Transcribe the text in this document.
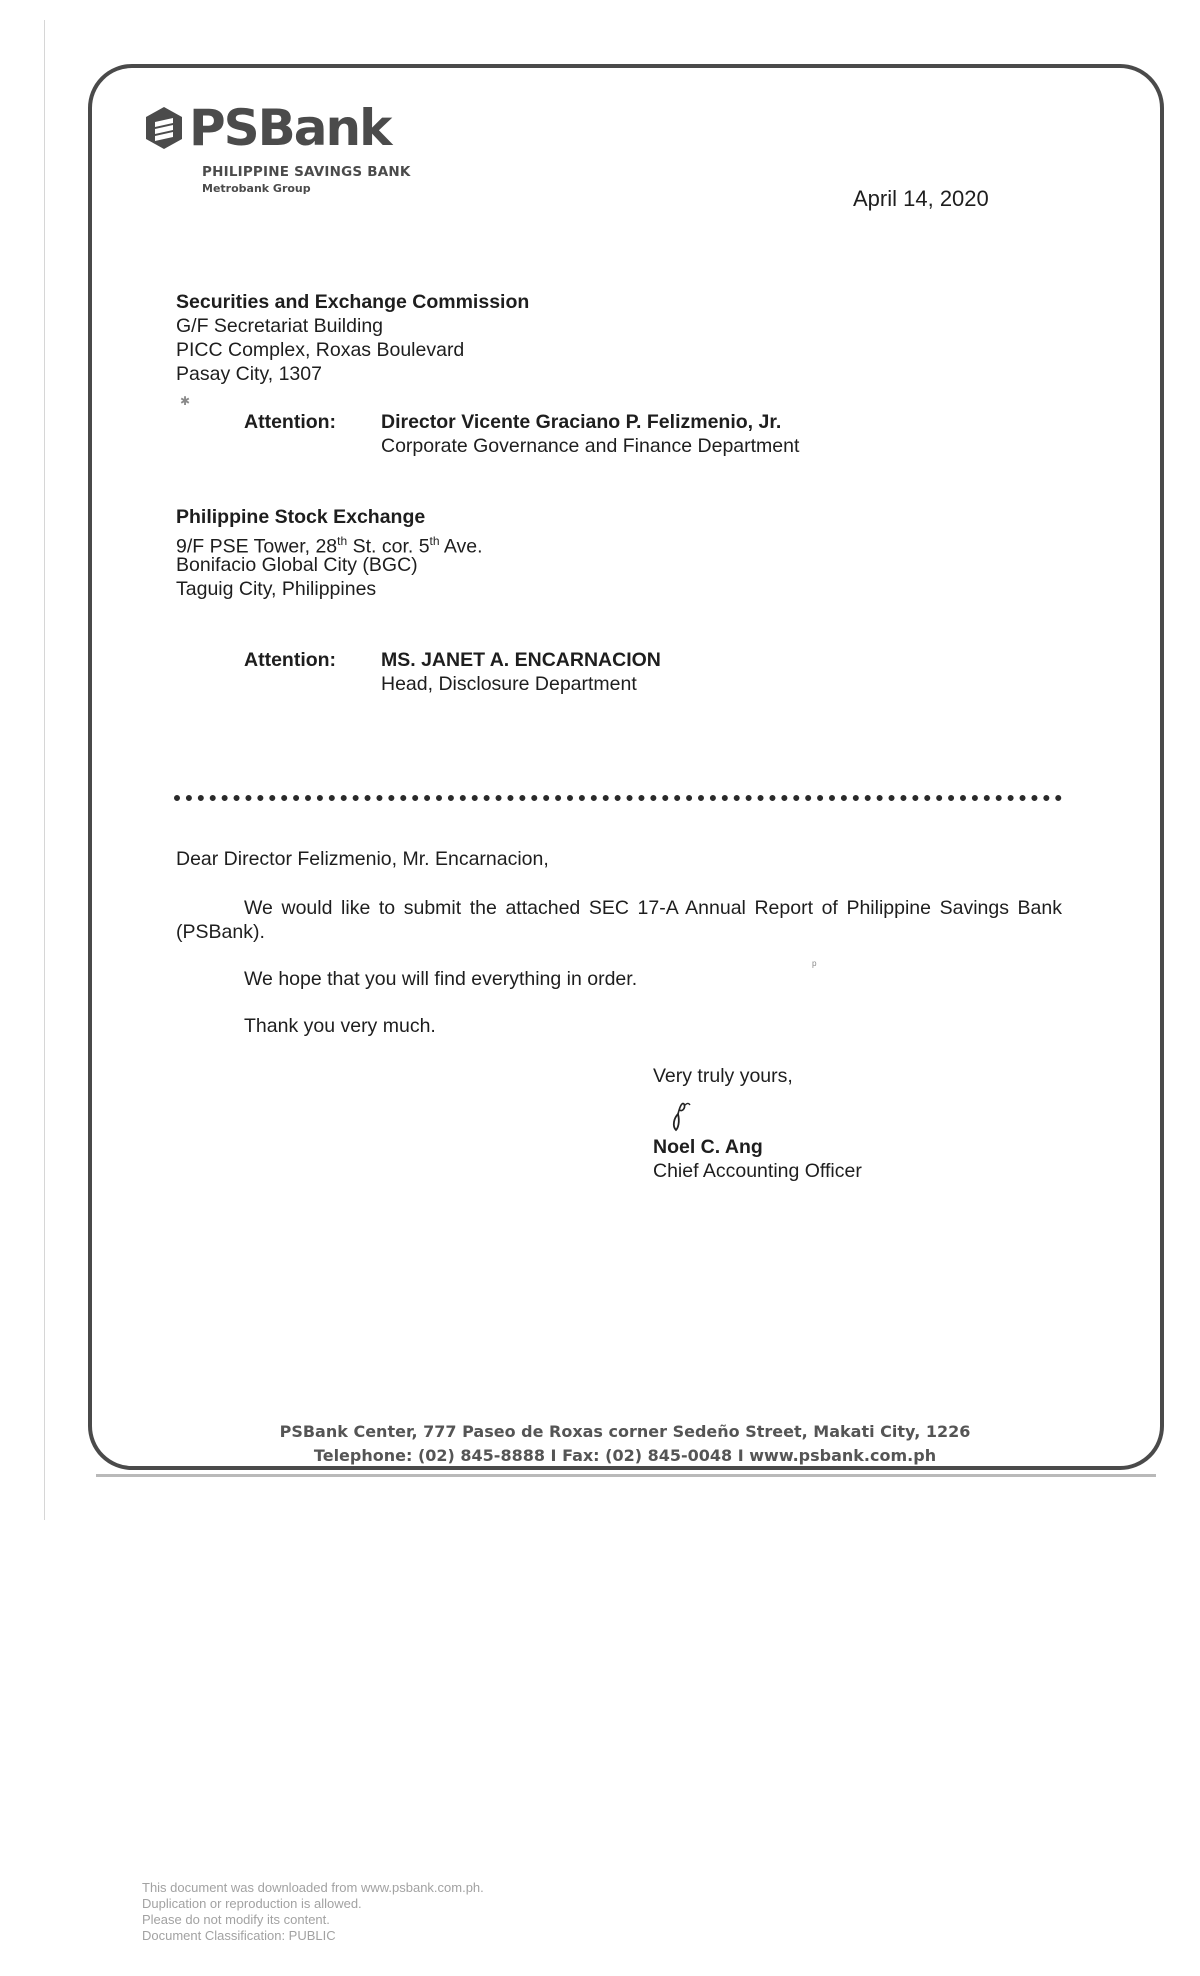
PSBank
PHILIPPINE SAVINGS BANK
Metrobank Group	April 14, 2020
Securities and Exchange Commission
G/F Secretariat Building
PICC Complex, Roxas Boulevard
Pasay City, 1307
✱
Attention: Director Vicente Graciano P. Felizmenio, Jr.
Corporate Governance and Finance Department
Philippine Stock Exchange
9/F PSE Tower, 28th St. cor. 5th Ave.
Bonifacio Global City (BGC)
Taguig City, Philippines
Attention: MS. JANET A. ENCARNACION
Head, Disclosure Department
Dear Director Felizmenio, Mr. Encarnacion,
We would like to submit the attached SEC 17-A Annual Report of Philippine Savings Bank (PSBank).
We hope that you will find everything in order.
ᵖ
Thank you very much.
Very truly yours,
Noel C. Ang
Chief Accounting Officer
PSBank Center, 777 Paseo de Roxas corner Sedeño Street, Makati City, 1226
Telephone: (02) 845-8888 I Fax: (02) 845-0048 I www.psbank.com.ph
This document was downloaded from www.psbank.com.ph.
Duplication or reproduction is allowed.
Please do not modify its content.
Document Classification: PUBLIC
